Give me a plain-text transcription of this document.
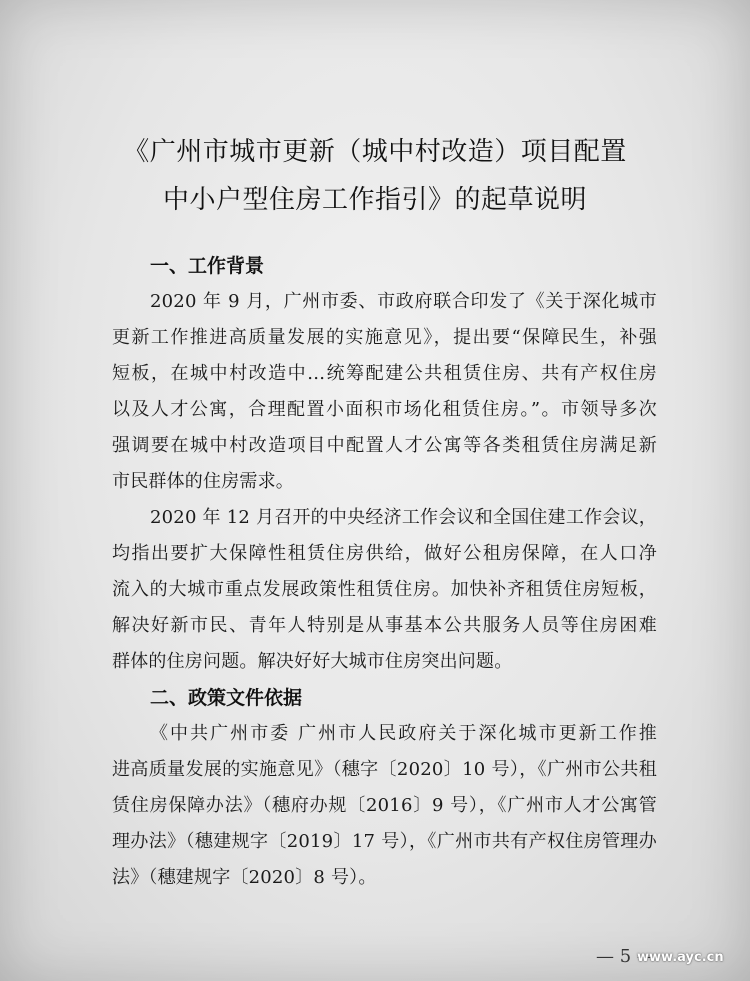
《广州市城市更新（城中村改造）项目配置
中小户型住房工作指引》的起草说明
一、工作背景
2020 年 9 月，广州市委、市政府联合印发了《关于深化城市
更新工作推进高质量发展的实施意见》，提出要“保障民生，补强
短板，在城中村改造中…统筹配建公共租赁住房、共有产权住房
以及人才公寓，合理配置小面积市场化租赁住房。”。市领导多次
强调要在城中村改造项目中配置人才公寓等各类租赁住房满足新
市民群体的住房需求。
2020 年 12 月召开的中央经济工作会议和全国住建工作会议，
均指出要扩大保障性租赁住房供给，做好公租房保障，在人口净
流入的大城市重点发展政策性租赁住房。加快补齐租赁住房短板，
解决好新市民、青年人特别是从事基本公共服务人员等住房困难
群体的住房问题。解决好好大城市住房突出问题。
二、政策文件依据
《中共广州市委 广州市人民政府关于深化城市更新工作推
进高质量发展的实施意见》（穗字〔2020〕10 号），《广州市公共租
赁住房保障办法》（穗府办规〔2016〕9 号），《广州市人才公寓管
理办法》（穗建规字〔2019〕17 号），《广州市共有产权住房管理办
法》（穗建规字〔2020〕8 号）。
— 5 —
www.ayc.cn
